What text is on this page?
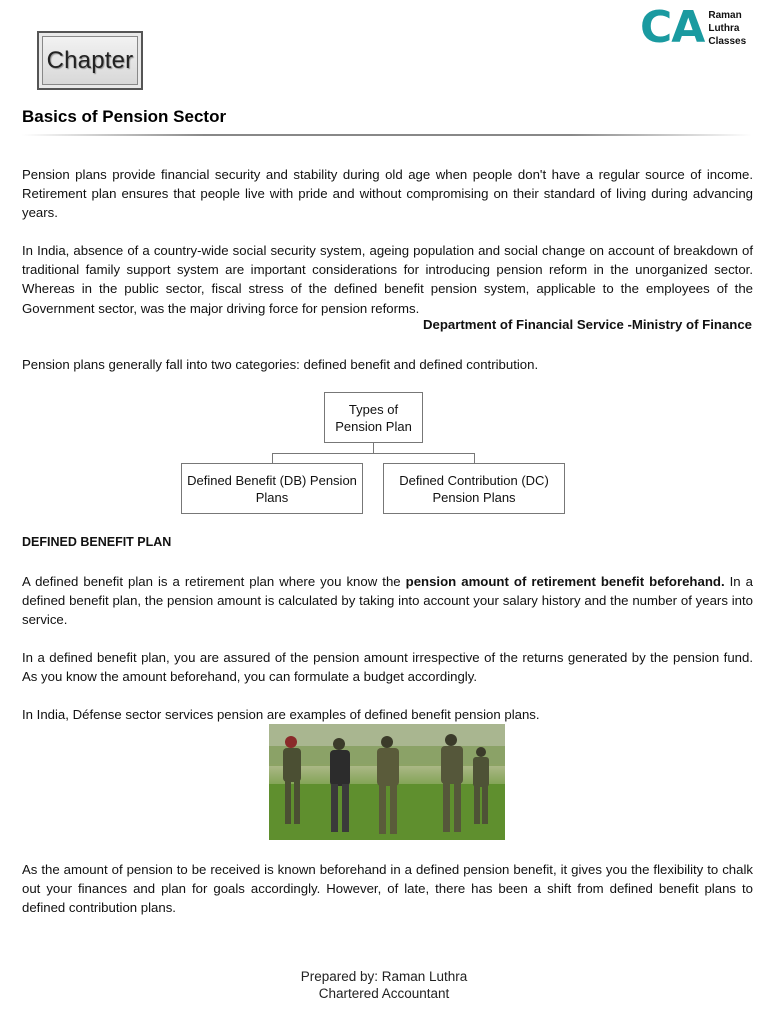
Chapter
CA Raman
Luthra
Classes
Basics of Pension Sector

Pension plans provide financial security and stability during old age when people don't have a regular source of income. Retirement plan ensures that people live with pride and without compromising on their standard of living during advancing years.

In India, absence of a country-wide social security system, ageing population and social change on account of breakdown of traditional family support system are important considerations for introducing pension reform in the unorganized sector. Whereas in the public sector, fiscal stress of the defined benefit pension system, applicable to the employees of the Government sector, was the major driving force for pension reforms.

Department of Financial Service -Ministry of Finance

Pension plans generally fall into two categories: defined benefit and defined contribution.

Types of Pension Plan
Defined Benefit (DB) Pension Plans
Defined Contribution (DC) Pension Plans
DEFINED BENEFIT PLAN

A defined benefit plan is a retirement plan where you know the pension amount of retirement benefit beforehand. In a defined benefit plan, the pension amount is calculated by taking into account your salary history and the number of years into service.

In a defined benefit plan, you are assured of the pension amount irrespective of the returns generated by the pension fund. As you know the amount beforehand, you can formulate a budget accordingly.

In India, Défense sector services pension are examples of defined benefit pension plans.

As the amount of pension to be received is known beforehand in a defined pension benefit, it gives you the flexibility to chalk out your finances and plan for goals accordingly. However, of late, there has been a shift from defined benefit plans to defined contribution plans.

Prepared by: Raman Luthra
Chartered Accountant
